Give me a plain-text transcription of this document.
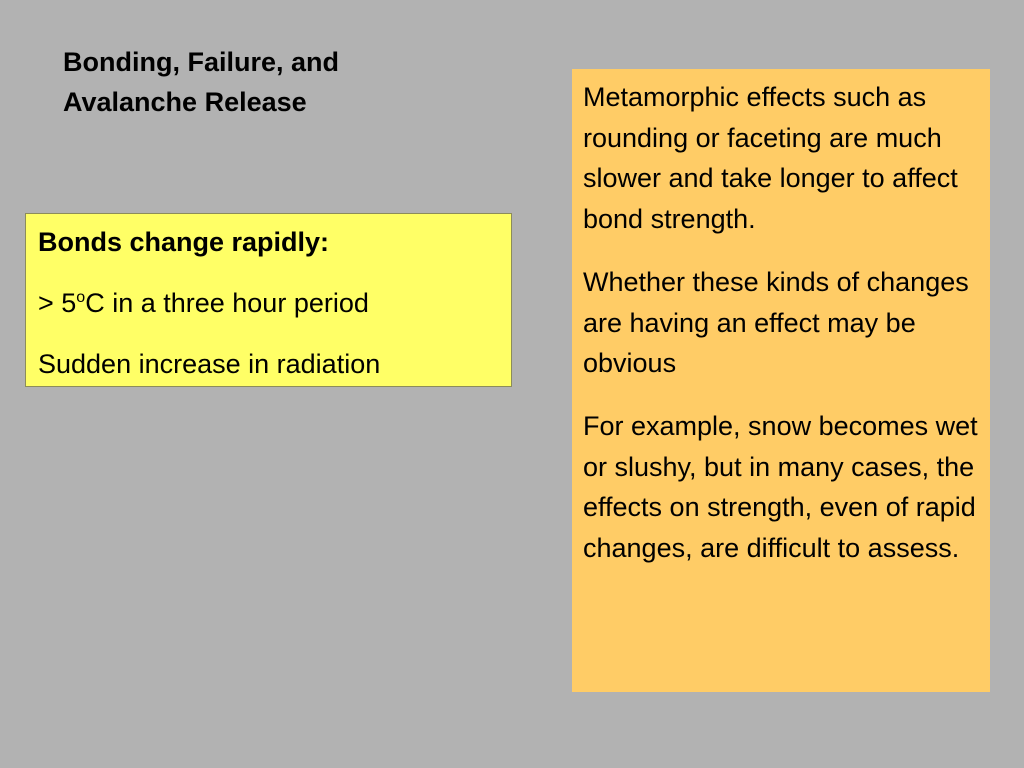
Bonding, Failure, and
Avalanche Release

Bonds change rapidly:

> $5^oC$ in a three hour period

Sudden increase in radiation

Metamorphic effects such as rounding or faceting are much slower and take longer to affect bond strength.

Whether these kinds of changes are having an effect may be obvious

For example, snow becomes wet or slushy, but in many cases, the effects on strength, even of rapid changes, are difficult to assess.
